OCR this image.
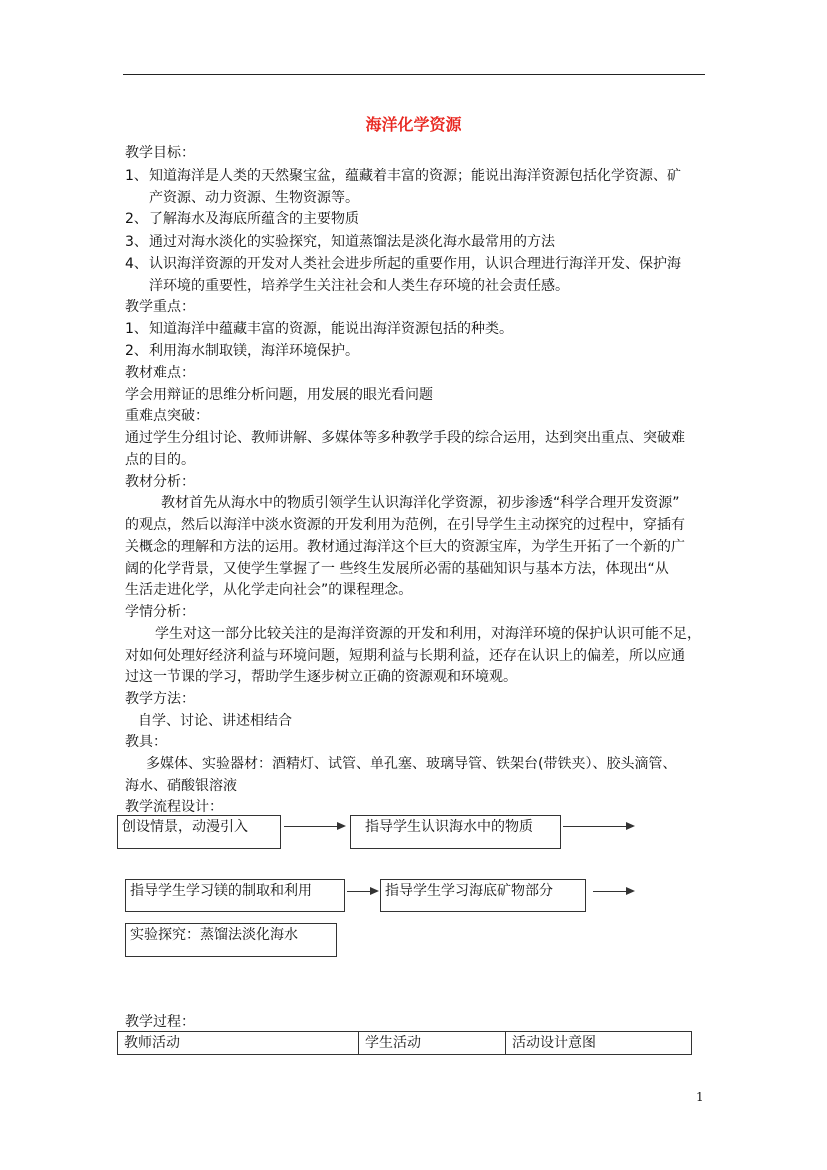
海洋化学资源
教学目标：
1、知道海洋是人类的天然聚宝盆，蕴藏着丰富的资源；能说出海洋资源包括化学资源、矿
产资源、动力资源、生物资源等。
2、了解海水及海底所蕴含的主要物质
3、通过对海水淡化的实验探究，知道蒸馏法是淡化海水最常用的方法
4、认识海洋资源的开发对人类社会进步所起的重要作用，认识合理进行海洋开发、保护海
洋环境的重要性，培养学生关注社会和人类生存环境的社会责任感。
教学重点：
1、知道海洋中蕴藏丰富的资源，能说出海洋资源包括的种类。
2、利用海水制取镁，海洋环境保护。
教材难点：
学会用辩证的思维分析问题，用发展的眼光看问题
重难点突破：
通过学生分组讨论、教师讲解、多媒体等多种教学手段的综合运用，达到突出重点、突破难
点的目的。
教材分析：
教材首先从海水中的物质引领学生认识海洋化学资源，初步渗透“科学合理开发资源”
的观点，然后以海洋中淡水资源的开发利用为范例，在引导学生主动探究的过程中，穿插有
关概念的理解和方法的运用。教材通过海洋这个巨大的资源宝库，为学生开拓了一个新的广
阔的化学背景，又使学生掌握了一 些终生发展所必需的基础知识与基本方法，体现出“从
生活走进化学，从化学走向社会”的课程理念。
学情分析：
学生对这一部分比较关注的是海洋资源的开发和利用，对海洋环境的保护认识可能不足，
对如何处理好经济利益与环境问题，短期利益与长期利益，还存在认识上的偏差，所以应通
过这一节课的学习，帮助学生逐步树立正确的资源观和环境观。
教学方法：
自学、讨论、讲述相结合
教具：
多媒体、实验器材：酒精灯、试管、单孔塞、玻璃导管、铁架台(带铁夹）、胶头滴管、
海水、硝酸银溶液
教学流程设计：
创设情景，动漫引入	指导学生认识海水中的物质
指导学生学习镁的制取和利用	指导学生学习海底矿物部分
实验探究：蒸馏法淡化海水
教学过程：
教师活动	学生活动	活动设计意图
1
